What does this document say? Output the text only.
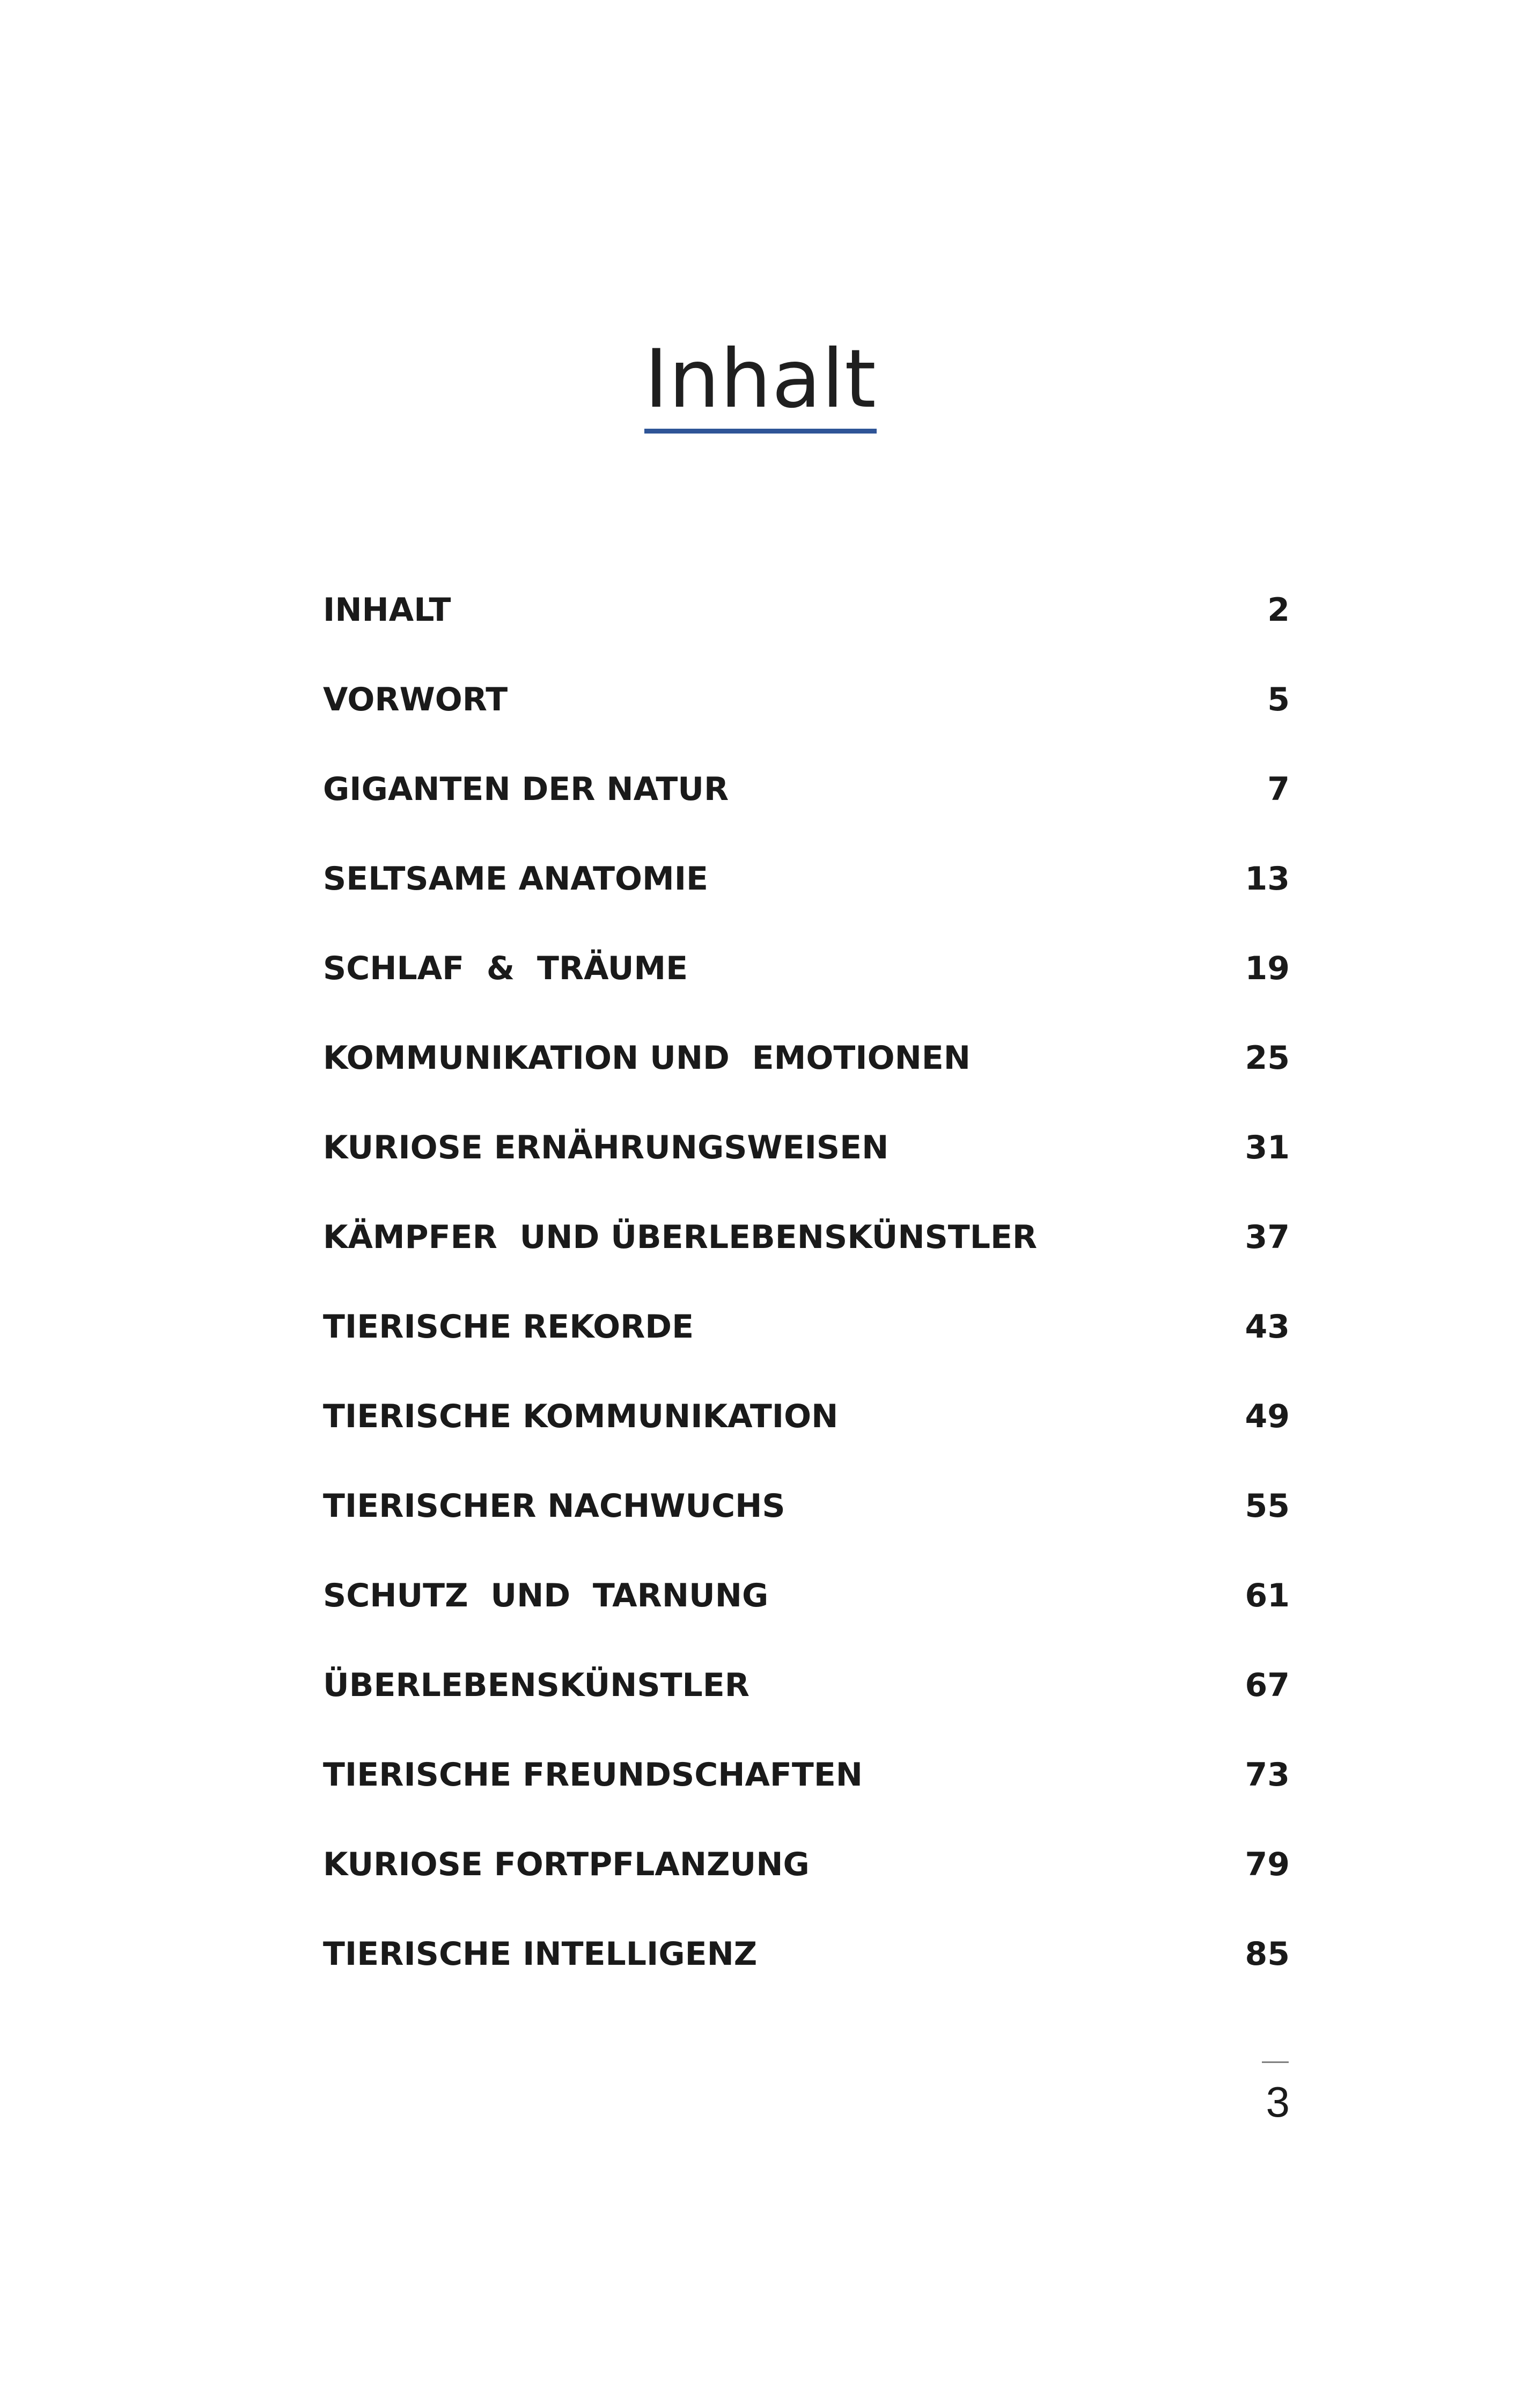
Inhalt
INHALT	2
VORWORT	5
GIGANTEN DER NATUR	7
SELTSAME ANATOMIE	13
SCHLAF  &  TRÄUME	19
KOMMUNIKATION UND  EMOTIONEN	25
KURIOSE ERNÄHRUNGSWEISEN	31
KÄMPFER  UND ÜBERLEBENSKÜNSTLER	37
TIERISCHE REKORDE	43
TIERISCHE KOMMUNIKATION	49
TIERISCHER NACHWUCHS	55
SCHUTZ  UND  TARNUNG	61
ÜBERLEBENSKÜNSTLER	67
TIERISCHE FREUNDSCHAFTEN	73
KURIOSE FORTPFLANZUNG	79
TIERISCHE INTELLIGENZ	85
3
